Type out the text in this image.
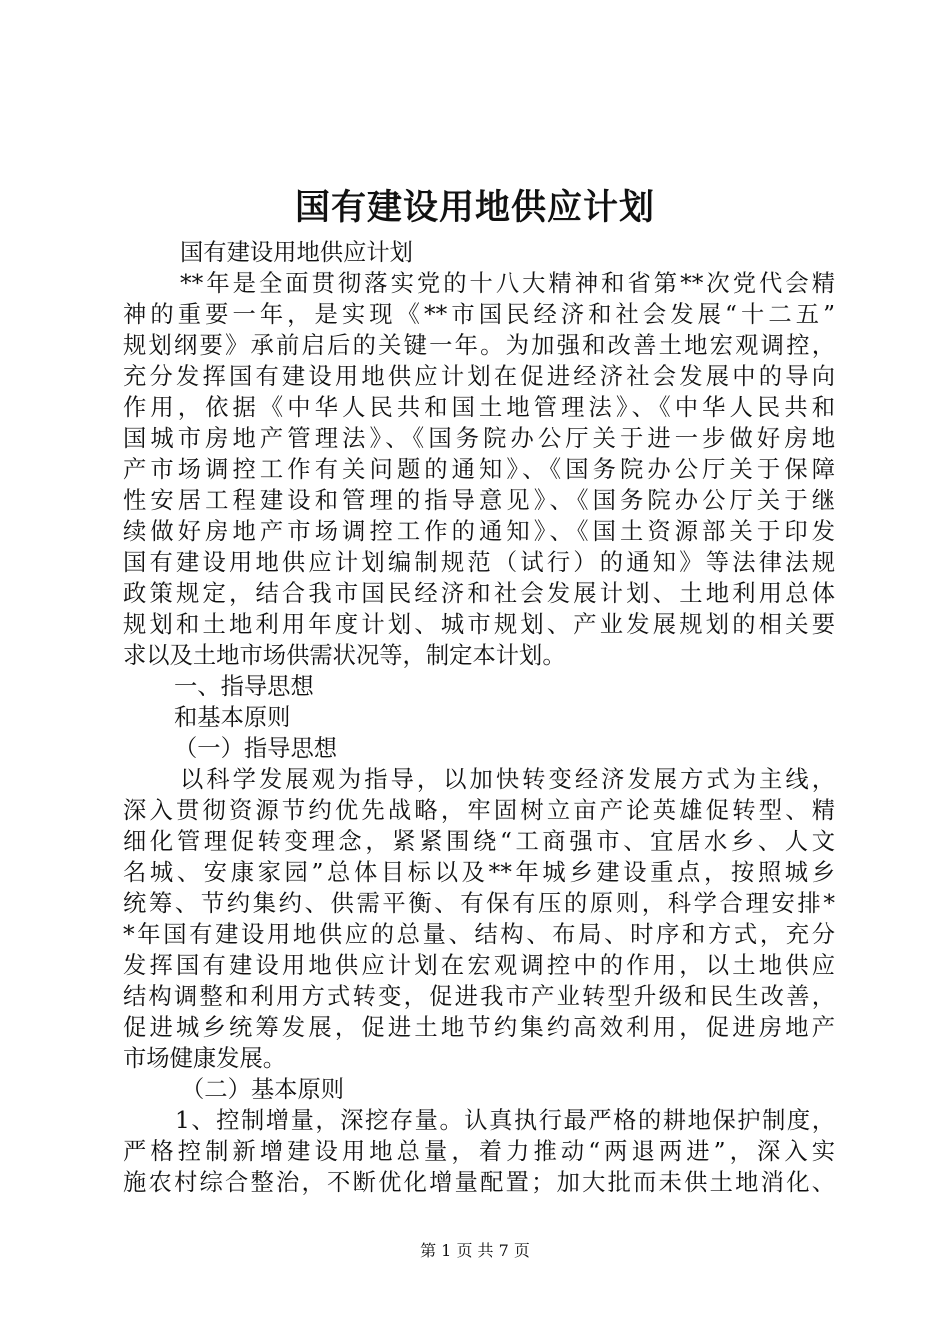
国有建设用地供应计划
国有建设用地供应计划
**年是全面贯彻落实党的十八大精神和省第**次党代会精
神的重要一年，是实现《**市国民经济和社会发展“十二五”
规划纲要》承前启后的关键一年。为加强和改善土地宏观调控，
充分发挥国有建设用地供应计划在促进经济社会发展中的导向
作用，依据《中华人民共和国土地管理法》、《中华人民共和
国城市房地产管理法》、《国务院办公厅关于进一步做好房地
产市场调控工作有关问题的通知》、《国务院办公厅关于保障
性安居工程建设和管理的指导意见》、《国务院办公厅关于继
续做好房地产市场调控工作的通知》、《国土资源部关于印发
国有建设用地供应计划编制规范（试行）的通知》等法律法规
政策规定，结合我市国民经济和社会发展计划、土地利用总体
规划和土地利用年度计划、城市规划、产业发展规划的相关要
求以及土地市场供需状况等，制定本计划。
一、指导思想
和基本原则
（一）指导思想
以科学发展观为指导，以加快转变经济发展方式为主线，
深入贯彻资源节约优先战略，牢固树立亩产论英雄促转型、精
细化管理促转变理念，紧紧围绕“工商强市、宜居水乡、人文
名城、安康家园”总体目标以及**年城乡建设重点，按照城乡
统筹、节约集约、供需平衡、有保有压的原则，科学合理安排*
*年国有建设用地供应的总量、结构、布局、时序和方式，充分
发挥国有建设用地供应计划在宏观调控中的作用，以土地供应
结构调整和利用方式转变，促进我市产业转型升级和民生改善，
促进城乡统筹发展，促进土地节约集约高效利用，促进房地产
市场健康发展。
（二）基本原则
1、控制增量，深挖存量。认真执行最严格的耕地保护制度，
严格控制新增建设用地总量，着力推动“两退两进”，深入实
施农村综合整治，不断优化增量配置；加大批而未供土地消化、
第 1 页 共 7 页
